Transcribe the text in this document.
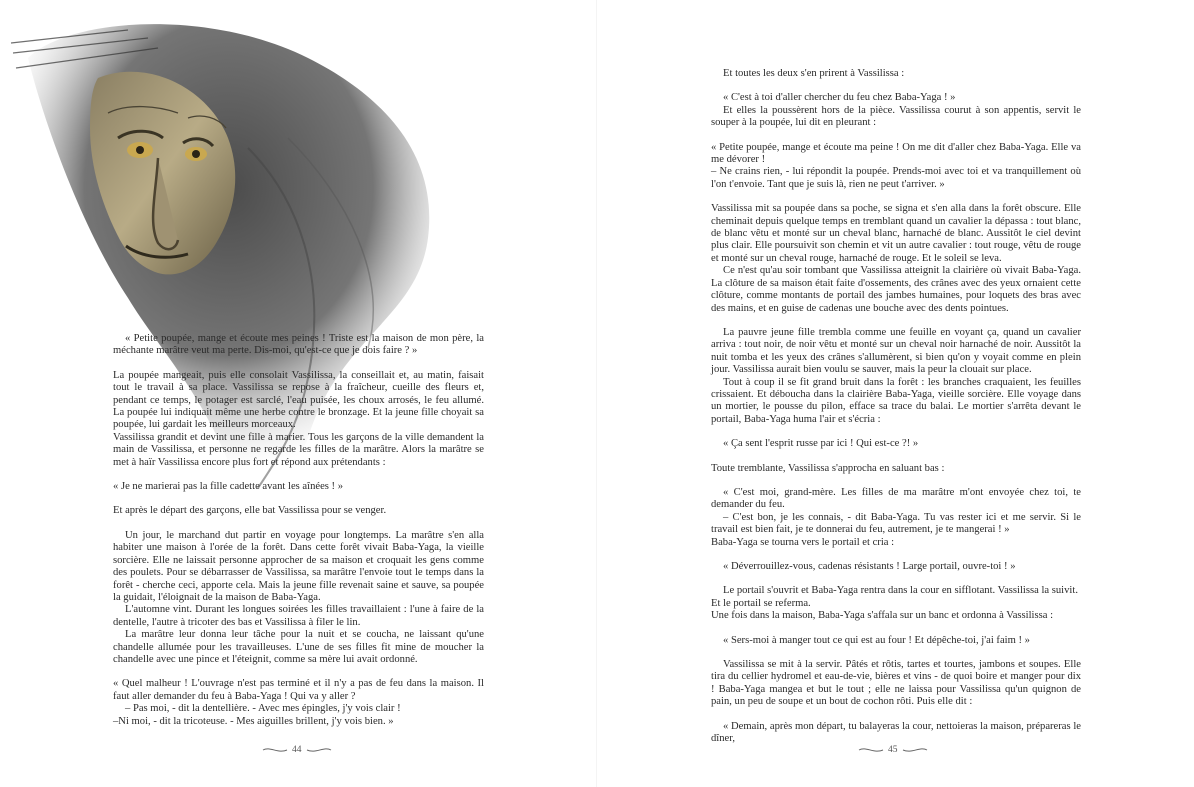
« Petite poupée, mange et écoute mes peines ! Triste est la maison de mon père, la méchante marâtre veut ma perte. Dis-moi, qu'est-ce que je dois faire ? »

La poupée mangeait, puis elle consolait Vassilissa, la conseillait et, au matin, faisait tout le travail à sa place. Vassilissa se repose à la fraîcheur, cueille des fleurs et, pendant ce temps, le potager est sarclé, l'eau puisée, les choux arrosés, le feu allumé. La poupée lui indiquait même une herbe contre le bronzage. Et la jeune fille choyait sa poupée, lui gardait les meilleurs morceaux.

Vassilissa grandit et devint une fille à marier. Tous les garçons de la ville demandent la main de Vassilissa, et personne ne regarde les filles de la marâtre. Alors la marâtre se met à haïr Vassilissa encore plus fort et répond aux prétendants :

« Je ne marierai pas la fille cadette avant les aînées ! »

Et après le départ des garçons, elle bat Vassilissa pour se venger.

Un jour, le marchand dut partir en voyage pour longtemps. La marâtre s'en alla habiter une maison à l'orée de la forêt. Dans cette forêt vivait Baba-Yaga, la vieille sorcière. Elle ne laissait personne approcher de sa maison et croquait les gens comme des poulets. Pour se débarrasser de Vassilissa, sa marâtre l'envoie tout le temps dans la forêt - cherche ceci, apporte cela. Mais la jeune fille revenait saine et sauve, sa poupée la guidait, l'éloignait de la maison de Baba-Yaga.

L'automne vint. Durant les longues soirées les filles travaillaient : l'une à faire de la dentelle, l'autre à tricoter des bas et Vassilissa à filer le lin.

La marâtre leur donna leur tâche pour la nuit et se coucha, ne laissant qu'une chandelle allumée pour les travailleuses. L'une de ses filles fit mine de moucher la chandelle avec une pince et l'éteignit, comme sa mère lui avait ordonné.

« Quel malheur ! L'ouvrage n'est pas terminé et il n'y a pas de feu dans la maison. Il faut aller demander du feu à Baba-Yaga ! Qui va y aller ?

– Pas moi, - dit la dentellière. - Avec mes épingles, j'y vois clair !

–Ni moi, - dit la tricoteuse. - Mes aiguilles brillent, j'y vois bien. »

44	45

Et toutes les deux s'en prirent à Vassilissa :

« C'est à toi d'aller chercher du feu chez Baba-Yaga ! »

Et elles la poussèrent hors de la pièce. Vassilissa courut à son appentis, servit le souper à la poupée, lui dit en pleurant :

« Petite poupée, mange et écoute ma peine ! On me dit d'aller chez Baba-Yaga. Elle va me dévorer !

– Ne crains rien, - lui répondit la poupée. Prends-moi avec toi et va tranquillement où l'on t'envoie. Tant que je suis là, rien ne peut t'arriver. »

Vassilissa mit sa poupée dans sa poche, se signa et s'en alla dans la forêt obscure. Elle cheminait depuis quelque temps en tremblant quand un cavalier la dépassa : tout blanc, de blanc vêtu et monté sur un cheval blanc, harnaché de blanc. Aussitôt le ciel devint plus clair. Elle poursuivit son chemin et vit un autre cavalier : tout rouge, vêtu de rouge et monté sur un cheval rouge, harnaché de rouge. Et le soleil se leva.

Ce n'est qu'au soir tombant que Vassilissa atteignit la clairière où vivait Baba-Yaga. La clôture de sa maison était faite d'ossements, des crânes avec des yeux ornaient cette clôture, comme montants de portail des jambes humaines, pour loquets des bras avec des mains, et en guise de cadenas une bouche avec des dents pointues.

La pauvre jeune fille trembla comme une feuille en voyant ça, quand un cavalier arriva : tout noir, de noir vêtu et monté sur un cheval noir harnaché de noir. Aussitôt la nuit tomba et les yeux des crânes s'allumèrent, si bien qu'on y voyait comme en plein jour. Vassilissa aurait bien voulu se sauver, mais la peur la clouait sur place.

Tout à coup il se fit grand bruit dans la forêt : les branches craquaient, les feuilles crissaient. Et déboucha dans la clairière Baba-Yaga, vieille sorcière. Elle voyage dans un mortier, le pousse du pilon, efface sa trace du balai. Le mortier s'arrêta devant le portail, Baba-Yaga huma l'air et s'écria :

« Ça sent l'esprit russe par ici ! Qui est-ce ?! »

Toute tremblante, Vassilissa s'approcha en saluant bas :

« C'est moi, grand-mère. Les filles de ma marâtre m'ont envoyée chez toi, te demander du feu.

– C'est bon, je les connais, - dit Baba-Yaga. Tu vas rester ici et me servir. Si le travail est bien fait, je te donnerai du feu, autrement, je te mangerai ! »

Baba-Yaga se tourna vers le portail et cria :

« Déverrouillez-vous, cadenas résistants ! Large portail, ouvre-toi ! »

Le portail s'ouvrit et Baba-Yaga rentra dans la cour en sifflotant. Vassilissa la suivit.

Et le portail se referma.

Une fois dans la maison, Baba-Yaga s'affala sur un banc et ordonna à Vassilissa :

« Sers-moi à manger tout ce qui est au four ! Et dépêche-toi, j'ai faim ! »

Vassilissa se mit à la servir. Pâtés et rôtis, tartes et tourtes, jambons et soupes. Elle tira du cellier hydromel et eau-de-vie, bières et vins - de quoi boire et manger pour dix ! Baba-Yaga mangea et but le tout ; elle ne laissa pour Vassilissa qu'un quignon de pain, un peu de soupe et un bout de cochon rôti. Puis elle dit :

« Demain, après mon départ, tu balayeras la cour, nettoieras la maison, prépareras le dîner,
